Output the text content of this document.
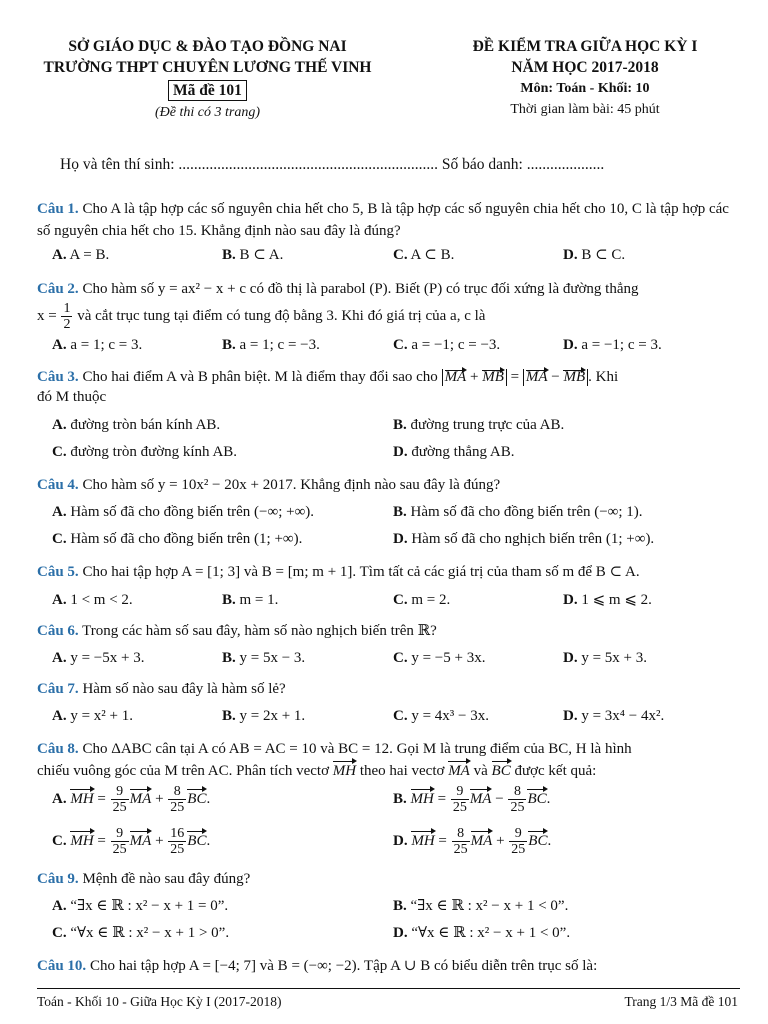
SỞ GIÁO DỤC & ĐÀO TẠO ĐỒNG NAI
TRƯỜNG THPT CHUYÊN LƯƠNG THẾ VINH
Mã đề 101
(Đề thi có 3 trang)
ĐỀ KIỂM TRA GIỮA HỌC KỲ I
NĂM HỌC 2017-2018
Môn: Toán - Khối: 10
Thời gian làm bài: 45 phút
Họ và tên thí sinh: ................................................................... Số báo danh: ....................
Câu 1. Cho A là tập hợp các số nguyên chia hết cho 5, B là tập hợp các số nguyên chia hết cho 10, C là tập hợp các số nguyên chia hết cho 15. Khẳng định nào sau đây là đúng?
A. A = B.	B. B ⊂ A.	C. A ⊂ B.	D. B ⊂ C.
Câu 2. Cho hàm số y = ax² − x + c có đồ thị là parabol (P). Biết (P) có trục đối xứng là đường thẳng
$x = \frac{1}{2}$ và cắt trục tung tại điểm có tung độ bằng 3. Khi đó giá trị của a, c là
A. a = 1; c = 3.	B. a = 1; c = −3.	C. a = −1; c = −3.	D. a = −1; c = 3.
Câu 3. Cho hai điểm A và B phân biệt. M là điểm thay đổi sao cho MA + MB = MA − MB . Khi
đó M thuộc
A. đường tròn bán kính AB.	B. đường trung trực của AB.
C. đường tròn đường kính AB.	D. đường thẳng AB.
Câu 4. Cho hàm số y = 10x² − 20x + 2017. Khẳng định nào sau đây là đúng?
A. Hàm số đã cho đồng biến trên (−∞; +∞).	B. Hàm số đã cho đồng biến trên (−∞; 1).
C. Hàm số đã cho đồng biến trên (1; +∞).	D. Hàm số đã cho nghịch biến trên (1; +∞).
Câu 5. Cho hai tập hợp A = [1; 3] và B = [m; m + 1]. Tìm tất cả các giá trị của tham số m để B ⊂ A.
A. 1 < m < 2.	B. m = 1.	C. m = 2.	D. 1 ⩽ m ⩽ 2.
Câu 6. Trong các hàm số sau đây, hàm số nào nghịch biến trên ℝ?
A. y = −5x + 3.	B. y = 5x − 3.	C. y = −5 + 3x.	D. y = 5x + 3.
Câu 7. Hàm số nào sau đây là hàm số lẻ?
A. y = x² + 1.	B. y = 2x + 1.	C. y = 4x³ − 3x.	D. y = 3x⁴ − 4x².
Câu 8. Cho ΔABC cân tại A có AB = AC = 10 và BC = 12. Gọi M là trung điểm của BC, H là hình
chiếu vuông góc của M trên AC. Phân tích vectơ MH theo hai vectơ MA và BC được kết quả:
A. MH = $\frac{9}{25}$ MA + $\frac{8}{25}$ BC.	B. MH = $\frac{9}{25}$ MA − $\frac{8}{25}$ BC.
C. MH = $\frac{9}{25}$ MA + $\frac{16}{25}$ BC.	D. MH = $\frac{8}{25}$ MA + $\frac{9}{25}$ BC.
Câu 9. Mệnh đề nào sau đây đúng?
A. “∃x ∈ ℝ : x² − x + 1 = 0”.	B. “∃x ∈ ℝ : x² − x + 1 < 0”.
C. “∀x ∈ ℝ : x² − x + 1 > 0”.	D. “∀x ∈ ℝ : x² − x + 1 < 0”.
Câu 10. Cho hai tập hợp A = [−4; 7] và B = (−∞; −2). Tập A ∪ B có biểu diễn trên trục số là:
Toán - Khối 10 - Giữa Học Kỳ I (2017-2018)	Trang 1/3 Mã đề 101
